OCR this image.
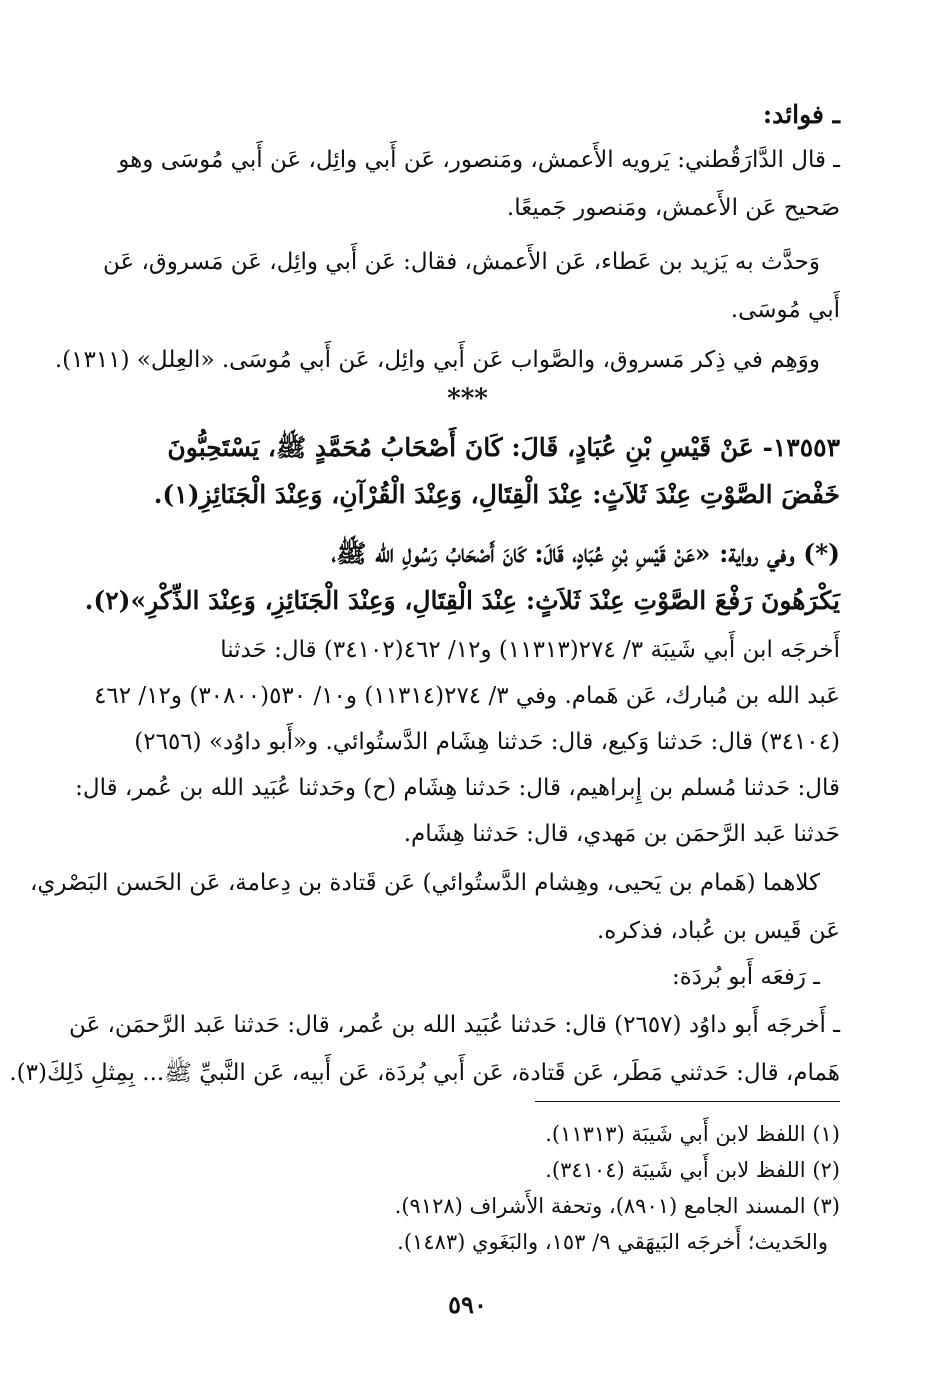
ـ فوائد:
ـ قال الدَّارَقُطني: يَرويه الأَعمش، ومَنصور، عَن أَبي وائِل، عَن أَبي مُوسَى وهو
صَحيح عَن الأَعمش، ومَنصور جَميعًا.
وَحدَّث به يَزيد بن عَطاء، عَن الأَعمش، فقال: عَن أَبي وائِل، عَن مَسروق، عَن
أَبي مُوسَى.
ووَهِم في ذِكر مَسروق، والصَّواب عَن أَبي وائِل، عَن أَبي مُوسَى. «العِلل» (١٣١١).
***
١٣٥٥٣- عَنْ قَيْسِ بْنِ عُبَادٍ، قَالَ: كَانَ أَصْحَابُ مُحَمَّدٍ ﷺ، يَسْتَحِبُّونَ
خَفْضَ الصَّوْتِ عِنْدَ ثَلاَثٍ: عِنْدَ الْقِتَالِ، وَعِنْدَ الْقُرْآنِ، وَعِنْدَ الْجَنَائِزِ(١).
(*) وفي رواية: «عَنْ قَيْسِ بْنِ عُبَادٍ، قَالَ: كَانَ أَصْحَابُ رَسُولِ الله ﷺ،
يَكْرَهُونَ رَفْعَ الصَّوْتِ عِنْدَ ثَلاَثٍ: عِنْدَ الْقِتَالِ، وَعِنْدَ الْجَنَائِزِ، وَعِنْدَ الذِّكْرِ»(٢).
أَخرجَه ابن أَبي شَيبَة ٣/ ٢٧٤(١١٣١٣) و١٢/ ٤٦٢(٣٤١٠٢) قال: حَدثنا
عَبد الله بن مُبارك، عَن هَمام. وفي ٣/ ٢٧٤(١١٣١٤) و١٠/ ٥٣٠(٣٠٨٠٠) و١٢/ ٤٦٢
(٣٤١٠٤) قال: حَدثنا وَكيع، قال: حَدثنا هِشَام الدَّستُوائي. و«أَبو داوُد» (٢٦٥٦)
قال: حَدثنا مُسلم بن إِبراهيم، قال: حَدثنا هِشَام (ح) وحَدثنا عُبَيد الله بن عُمر، قال:
حَدثنا عَبد الرَّحمَن بن مَهدي، قال: حَدثنا هِشَام.
كلاهما (هَمام بن يَحيى، وهِشام الدَّستُوائي) عَن قَتادة بن دِعامة، عَن الحَسن البَصْري،
عَن قَيس بن عُباد، فذكره.
ـ رَفعَه أَبو بُردَة:
ـ أَخرجَه أَبو داوُد (٢٦٥٧) قال: حَدثنا عُبَيد الله بن عُمر، قال: حَدثنا عَبد الرَّحمَن، عَن
هَمام، قال: حَدثني مَطَر، عَن قَتادة، عَن أَبي بُردَة، عَن أَبيه، عَن النَّبيِّ ﷺ... بِمِثلِ ذَلِكَ(٣).
(١) اللفظ لابن أَبي شَيبَة (١١٣١٣).
(٢) اللفظ لابن أَبي شَيبَة (٣٤١٠٤).
(٣) المسند الجامع (٨٩٠١)، وتحفة الأَشراف (٩١٢٨).
والحَديث؛ أَخرجَه البَيهَقي ٩/ ١٥٣، والبَغَوي (١٤٨٣).
٥٩٠
